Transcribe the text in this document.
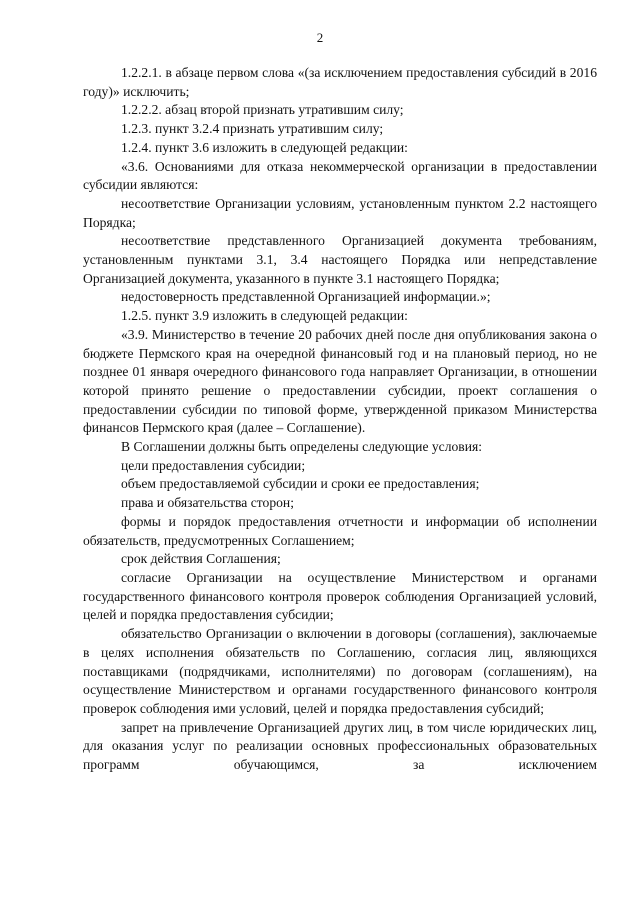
2

1.2.2.1. в абзаце первом слова «(за исключением предоставления субсидий в 2016 году)» исключить;

1.2.2.2. абзац второй признать утратившим силу;

1.2.3. пункт 3.2.4 признать утратившим силу;

1.2.4. пункт 3.6 изложить в следующей редакции:

«3.6. Основаниями для отказа некоммерческой организации в предоставлении субсидии являются:

несоответствие Организации условиям, установленным пунктом 2.2 настоящего Порядка;

несоответствие представленного Организацией документа требованиям, установленным пунктами 3.1, 3.4 настоящего Порядка или непредставление Организацией документа, указанного в пункте 3.1 настоящего Порядка;

недостоверность представленной Организацией информации.»;

1.2.5. пункт 3.9 изложить в следующей редакции:

«3.9. Министерство в течение 20 рабочих дней после дня опубликования закона о бюджете Пермского края на очередной финансовый год и на плановый период, но не позднее 01 января очередного финансового года направляет Организации, в отношении которой принято решение о предоставлении субсидии, проект соглашения о предоставлении субсидии по типовой форме, утвержденной приказом Министерства финансов Пермского края (далее – Соглашение).

В Соглашении должны быть определены следующие условия:

цели предоставления субсидии;

объем предоставляемой субсидии и сроки ее предоставления;

права и обязательства сторон;

формы и порядок предоставления отчетности и информации об исполнении обязательств, предусмотренных Соглашением;

срок действия Соглашения;

согласие Организации на осуществление Министерством и органами государственного финансового контроля проверок соблюдения Организацией условий, целей и порядка предоставления субсидии;

обязательство Организации о включении в договоры (соглашения), заключаемые в целях исполнения обязательств по Соглашению, согласия лиц, являющихся поставщиками (подрядчиками, исполнителями) по договорам (соглашениям), на осуществление Министерством и органами государственного финансового контроля проверок соблюдения ими условий, целей и порядка предоставления субсидий;

запрет на привлечение Организацией других лиц, в том числе юридических лиц, для оказания услуг по реализации основных профессиональных образовательных программ обучающимся, за исключением
